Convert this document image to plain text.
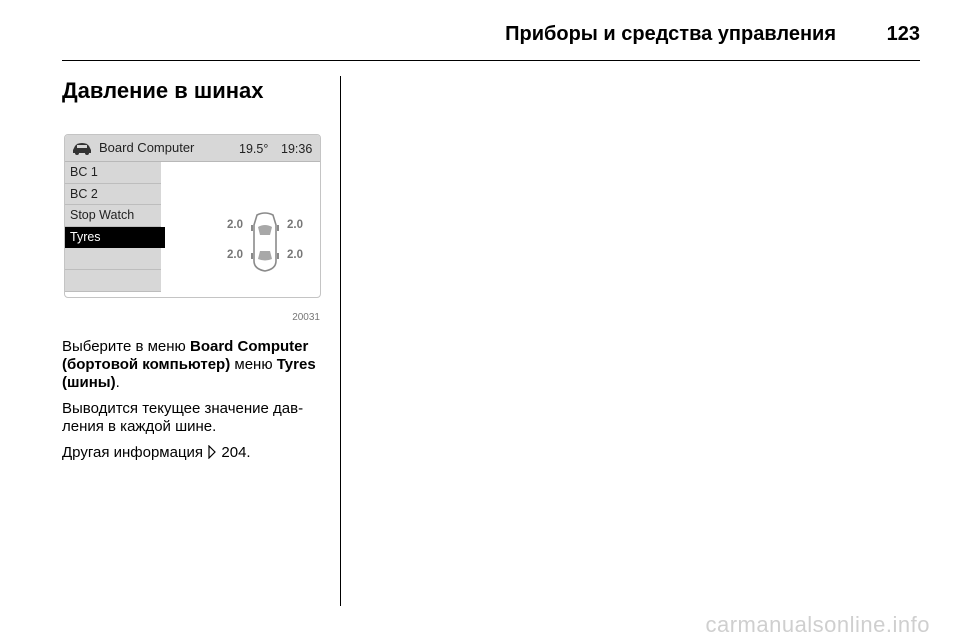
Приборы и средства управления	123
Давление в шинах
Board Computer	19.5° 19:36
BC 1
BC 2
Stop Watch
Tyres
2.0	2.0
2.0	2.0
20031

Выберите в меню Board Computer (бортовой компьютер) меню Tyres (шины).

Выводится текущее значение дав-ления в каждой шине.

Другая информация  204.

carmanualsonline.info
